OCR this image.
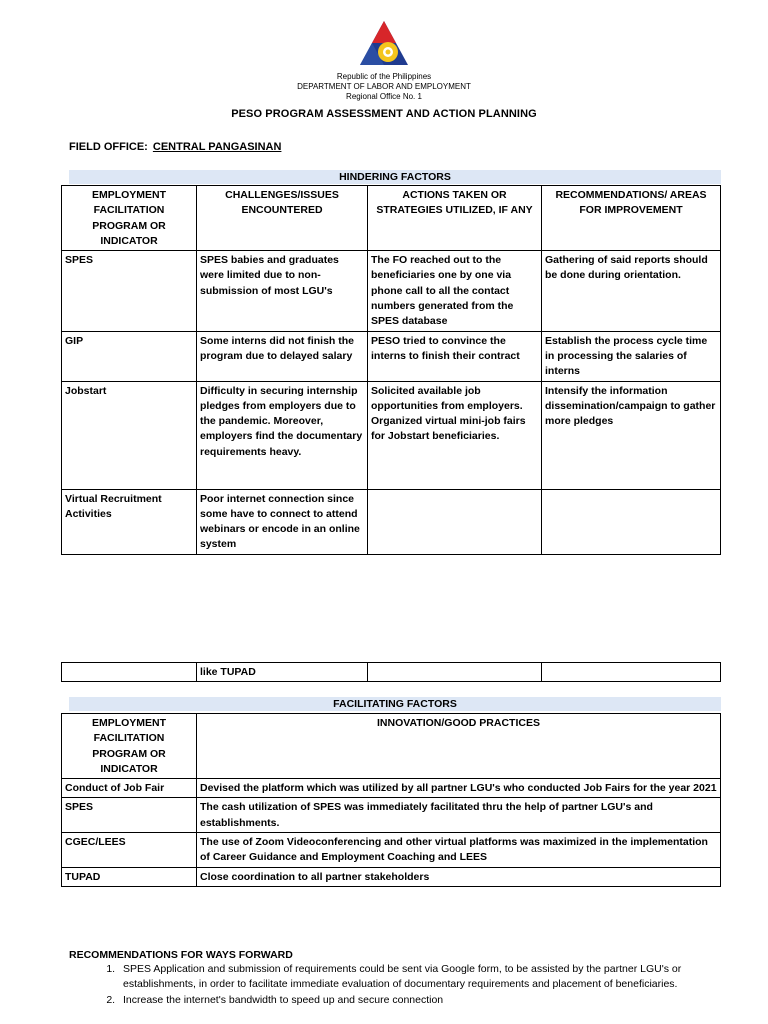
Republic of the Philippines
DEPARTMENT OF LABOR AND EMPLOYMENT
Regional Office No. 1
PESO PROGRAM ASSESSMENT AND ACTION PLANNING
FIELD OFFICE: CENTRAL PANGASINAN
HINDERING FACTORS
EMPLOYMENT FACILITATION PROGRAM OR INDICATOR	CHALLENGES/ISSUES ENCOUNTERED	ACTIONS TAKEN OR STRATEGIES UTILIZED, IF ANY	RECOMMENDATIONS/ AREAS FOR IMPROVEMENT
SPES	SPES babies and graduates were limited due to non-submission of most LGU's	The FO reached out to the beneficiaries one by one via phone call to all the contact numbers generated from the SPES database	Gathering of said reports should be done during orientation.
GIP	Some interns did not finish the program due to delayed salary	PESO tried to convince the interns to finish their contract	Establish the process cycle time in processing the salaries of interns
Jobstart	Difficulty in securing internship pledges from employers due to the pandemic. Moreover, employers find the documentary requirements heavy.	Solicited available job opportunities from employers. Organized virtual mini-job fairs for Jobstart beneficiaries.	Intensify the information dissemination/campaign to gather more pledges
Virtual Recruitment Activities	Poor internet connection since some have to connect to attend webinars or encode in an online system		
	like TUPAD		
FACILITATING FACTORS
EMPLOYMENT FACILITATION PROGRAM OR INDICATOR	INNOVATION/GOOD PRACTICES
Conduct of Job Fair	Devised the platform which was utilized by all partner LGU's who conducted Job Fairs for the year 2021
SPES	The cash utilization of SPES was immediately facilitated thru the help of partner LGU's and establishments.
CGEC/LEES	The use of Zoom Videoconferencing and other virtual platforms was maximized in the implementation of Career Guidance and Employment Coaching and LEES
TUPAD	Close coordination to all partner stakeholders
RECOMMENDATIONS FOR WAYS FORWARD
1. SPES Application and submission of requirements could be sent via Google form, to be assisted by the partner LGU's or establishments, in order to facilitate immediate evaluation of documentary requirements and placement of beneficiaries.
2. Increase the internet's bandwidth to speed up and secure connection
